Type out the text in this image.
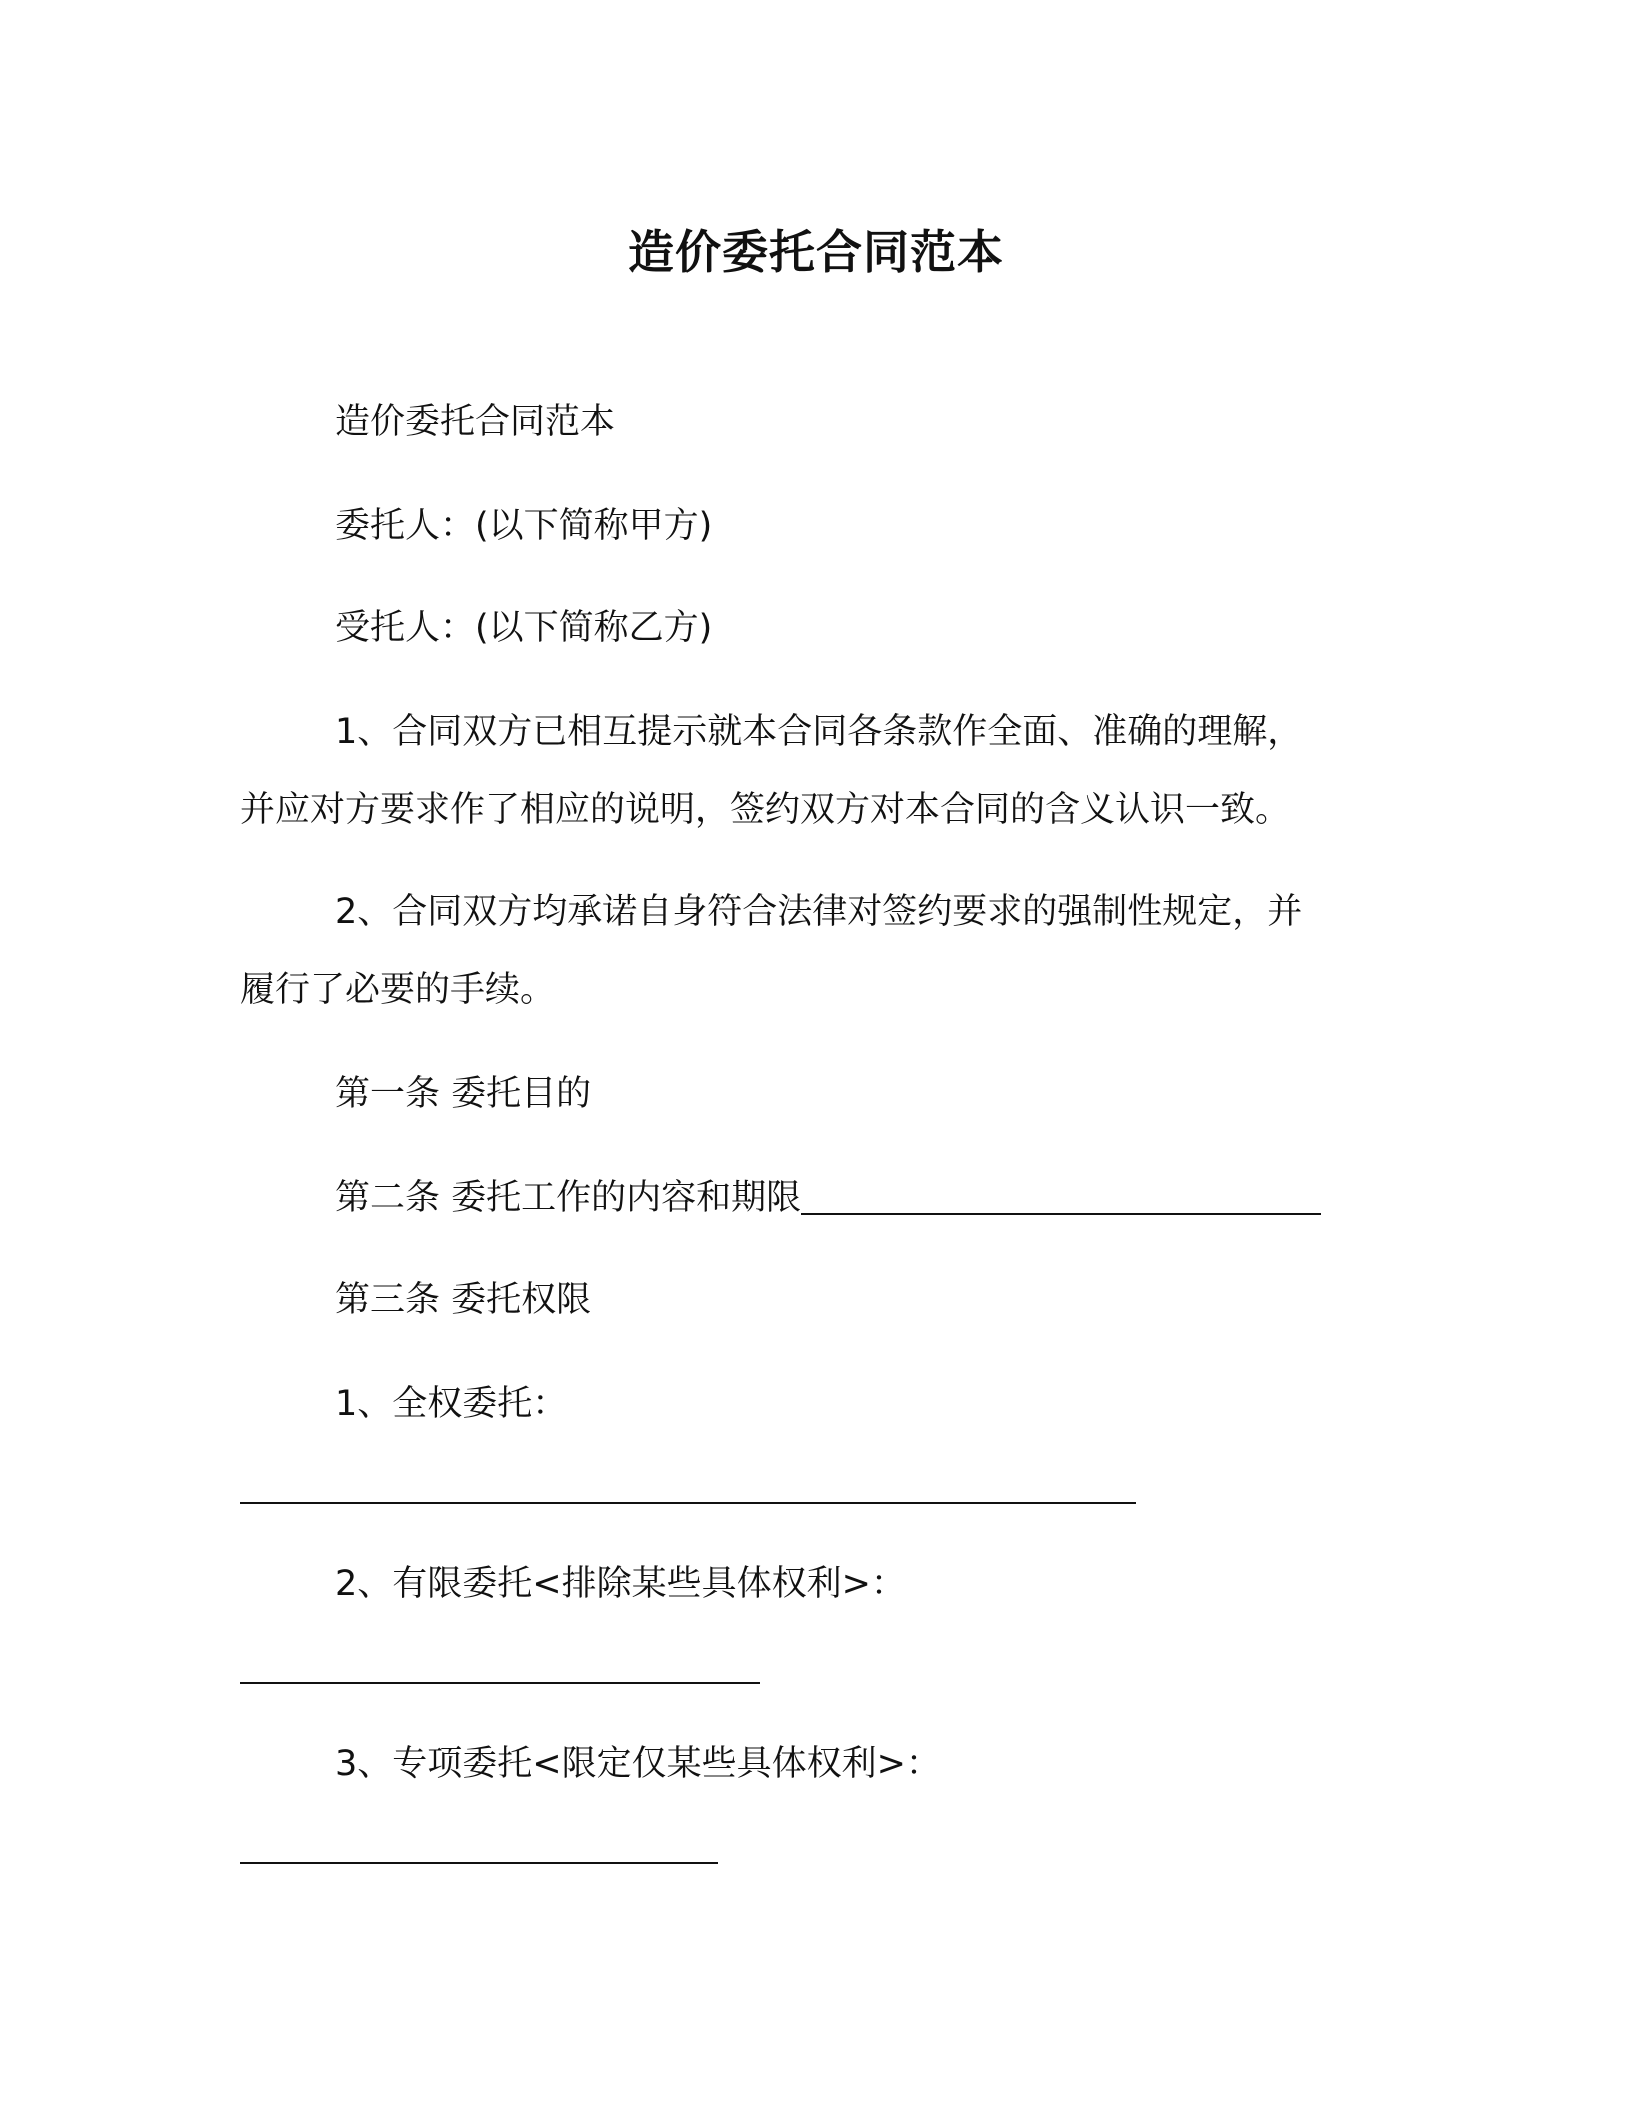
造价委托合同范本
造价委托合同范本
委托人：(以下简称甲方)
受托人：(以下简称乙方)
1、合同双方已相互提示就本合同各条款作全面、准确的理解，
并应对方要求作了相应的说明，签约双方对本合同的含义认识一致。
2、合同双方均承诺自身符合法律对签约要求的强制性规定，并
履行了必要的手续。
第一条 委托目的
第二条 委托工作的内容和期限
第三条 委托权限
1、全权委托：
2、有限委托<排除某些具体权利>：
3、专项委托<限定仅某些具体权利>：
